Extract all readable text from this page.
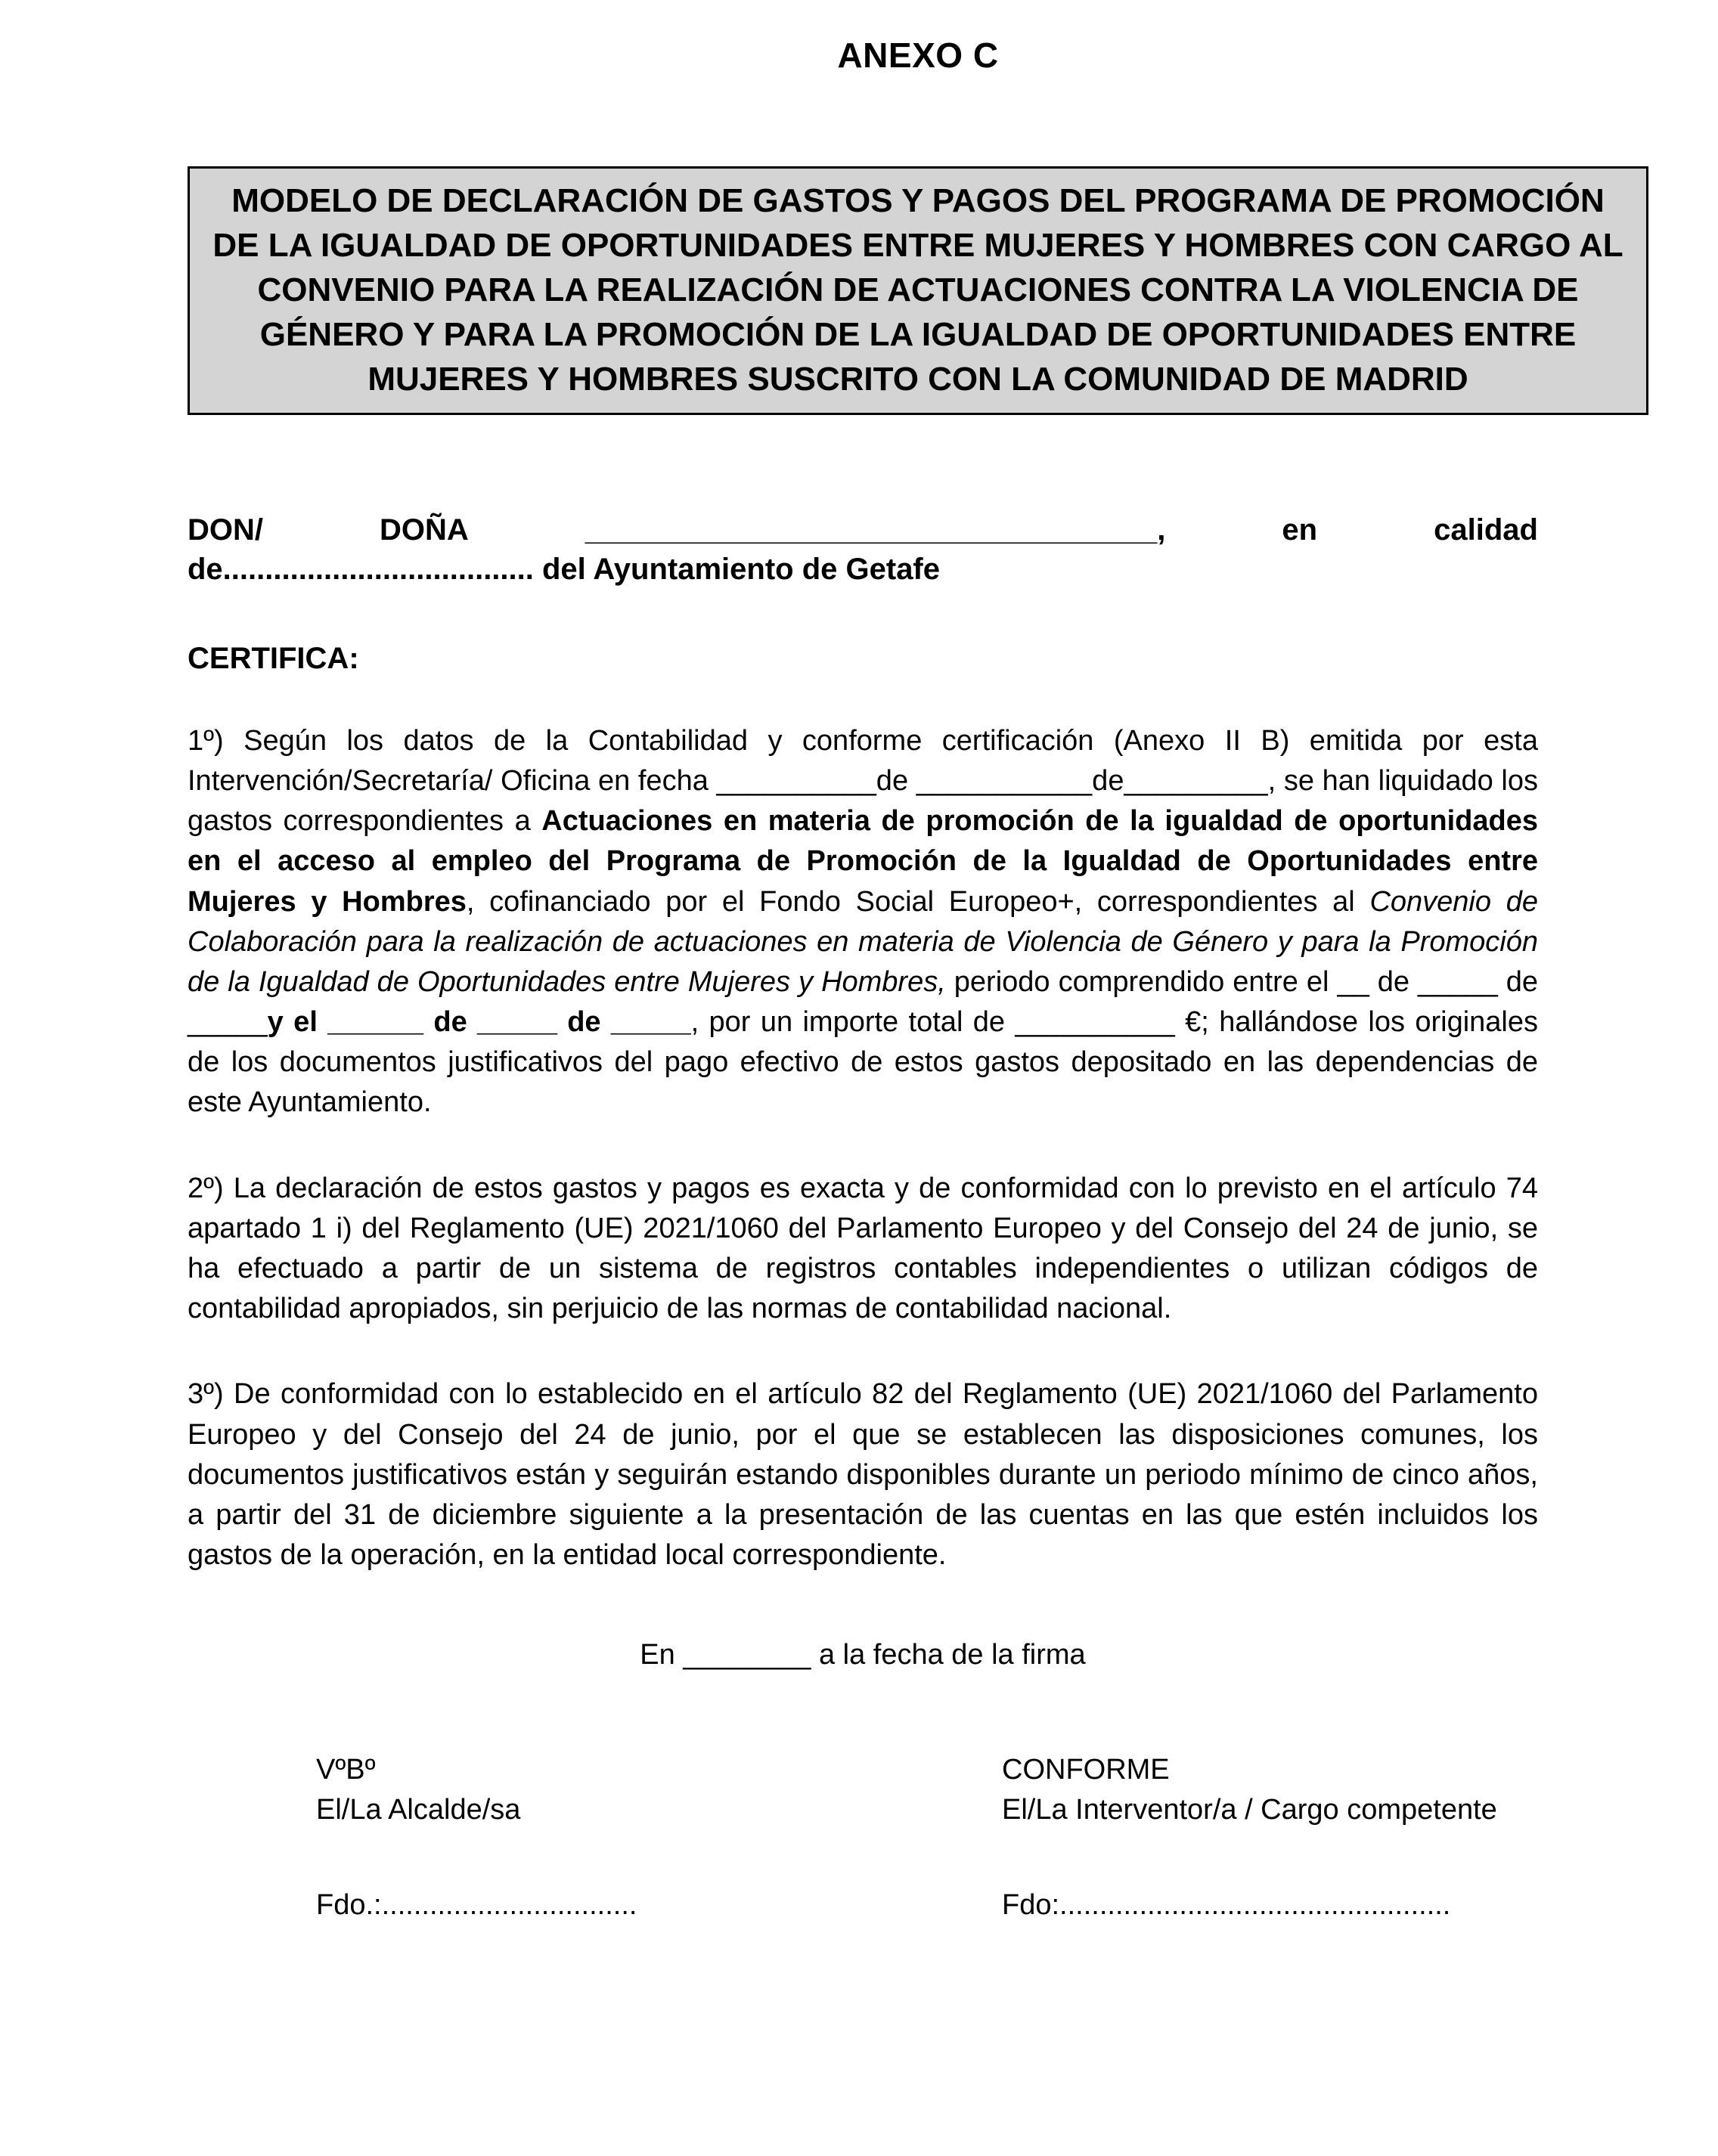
ANEXO C
MODELO DE DECLARACIÓN DE GASTOS Y PAGOS DEL PROGRAMA DE PROMOCIÓN DE LA IGUALDAD DE OPORTUNIDADES ENTRE MUJERES Y HOMBRES CON CARGO AL CONVENIO PARA LA REALIZACIÓN DE ACTUACIONES CONTRA LA VIOLENCIA DE GÉNERO Y PARA LA PROMOCIÓN DE LA IGUALDAD DE OPORTUNIDADES ENTRE MUJERES Y HOMBRES SUSCRITO CON LA COMUNIDAD DE MADRID
DON/	DOÑA	__________________________________,	en	calidad
de..................................... del Ayuntamiento de Getafe
CERTIFICA:

1º) Según los datos de la Contabilidad y conforme certificación (Anexo II B) emitida por esta Intervención/Secretaría/ Oficina en fecha __________de ___________de_________, se han liquidado los gastos correspondientes a Actuaciones en materia de promoción de la igualdad de oportunidades en el acceso al empleo del Programa de Promoción de la Igualdad de Oportunidades entre Mujeres y Hombres, cofinanciado por el Fondo Social Europeo+, correspondientes al Convenio de Colaboración para la realización de actuaciones en materia de Violencia de Género y para la Promoción de la Igualdad de Oportunidades entre Mujeres y Hombres, periodo comprendido entre el __ de _____ de _____y el ______ de _____ de _____, por un importe total de __________ €; hallándose los originales de los documentos justificativos del pago efectivo de estos gastos depositado en las dependencias de este Ayuntamiento.

2º) La declaración de estos gastos y pagos es exacta y de conformidad con lo previsto en el artículo 74 apartado 1 i) del Reglamento (UE) 2021/1060 del Parlamento Europeo y del Consejo del 24 de junio, se ha efectuado a partir de un sistema de registros contables independientes o utilizan códigos de contabilidad apropiados, sin perjuicio de las normas de contabilidad nacional.

3º) De conformidad con lo establecido en el artículo 82 del Reglamento (UE) 2021/1060 del Parlamento Europeo y del Consejo del 24 de junio, por el que se establecen las disposiciones comunes, los documentos justificativos están y seguirán estando disponibles durante un periodo mínimo de cinco años, a partir del 31 de diciembre siguiente a la presentación de las cuentas en las que estén incluidos los gastos de la operación, en la entidad local correspondiente.

En ________ a la fecha de la firma
VºBº
El/La Alcalde/sa
Fdo.:................................
CONFORME
El/La Interventor/a / Cargo competente
Fdo:.................................................
